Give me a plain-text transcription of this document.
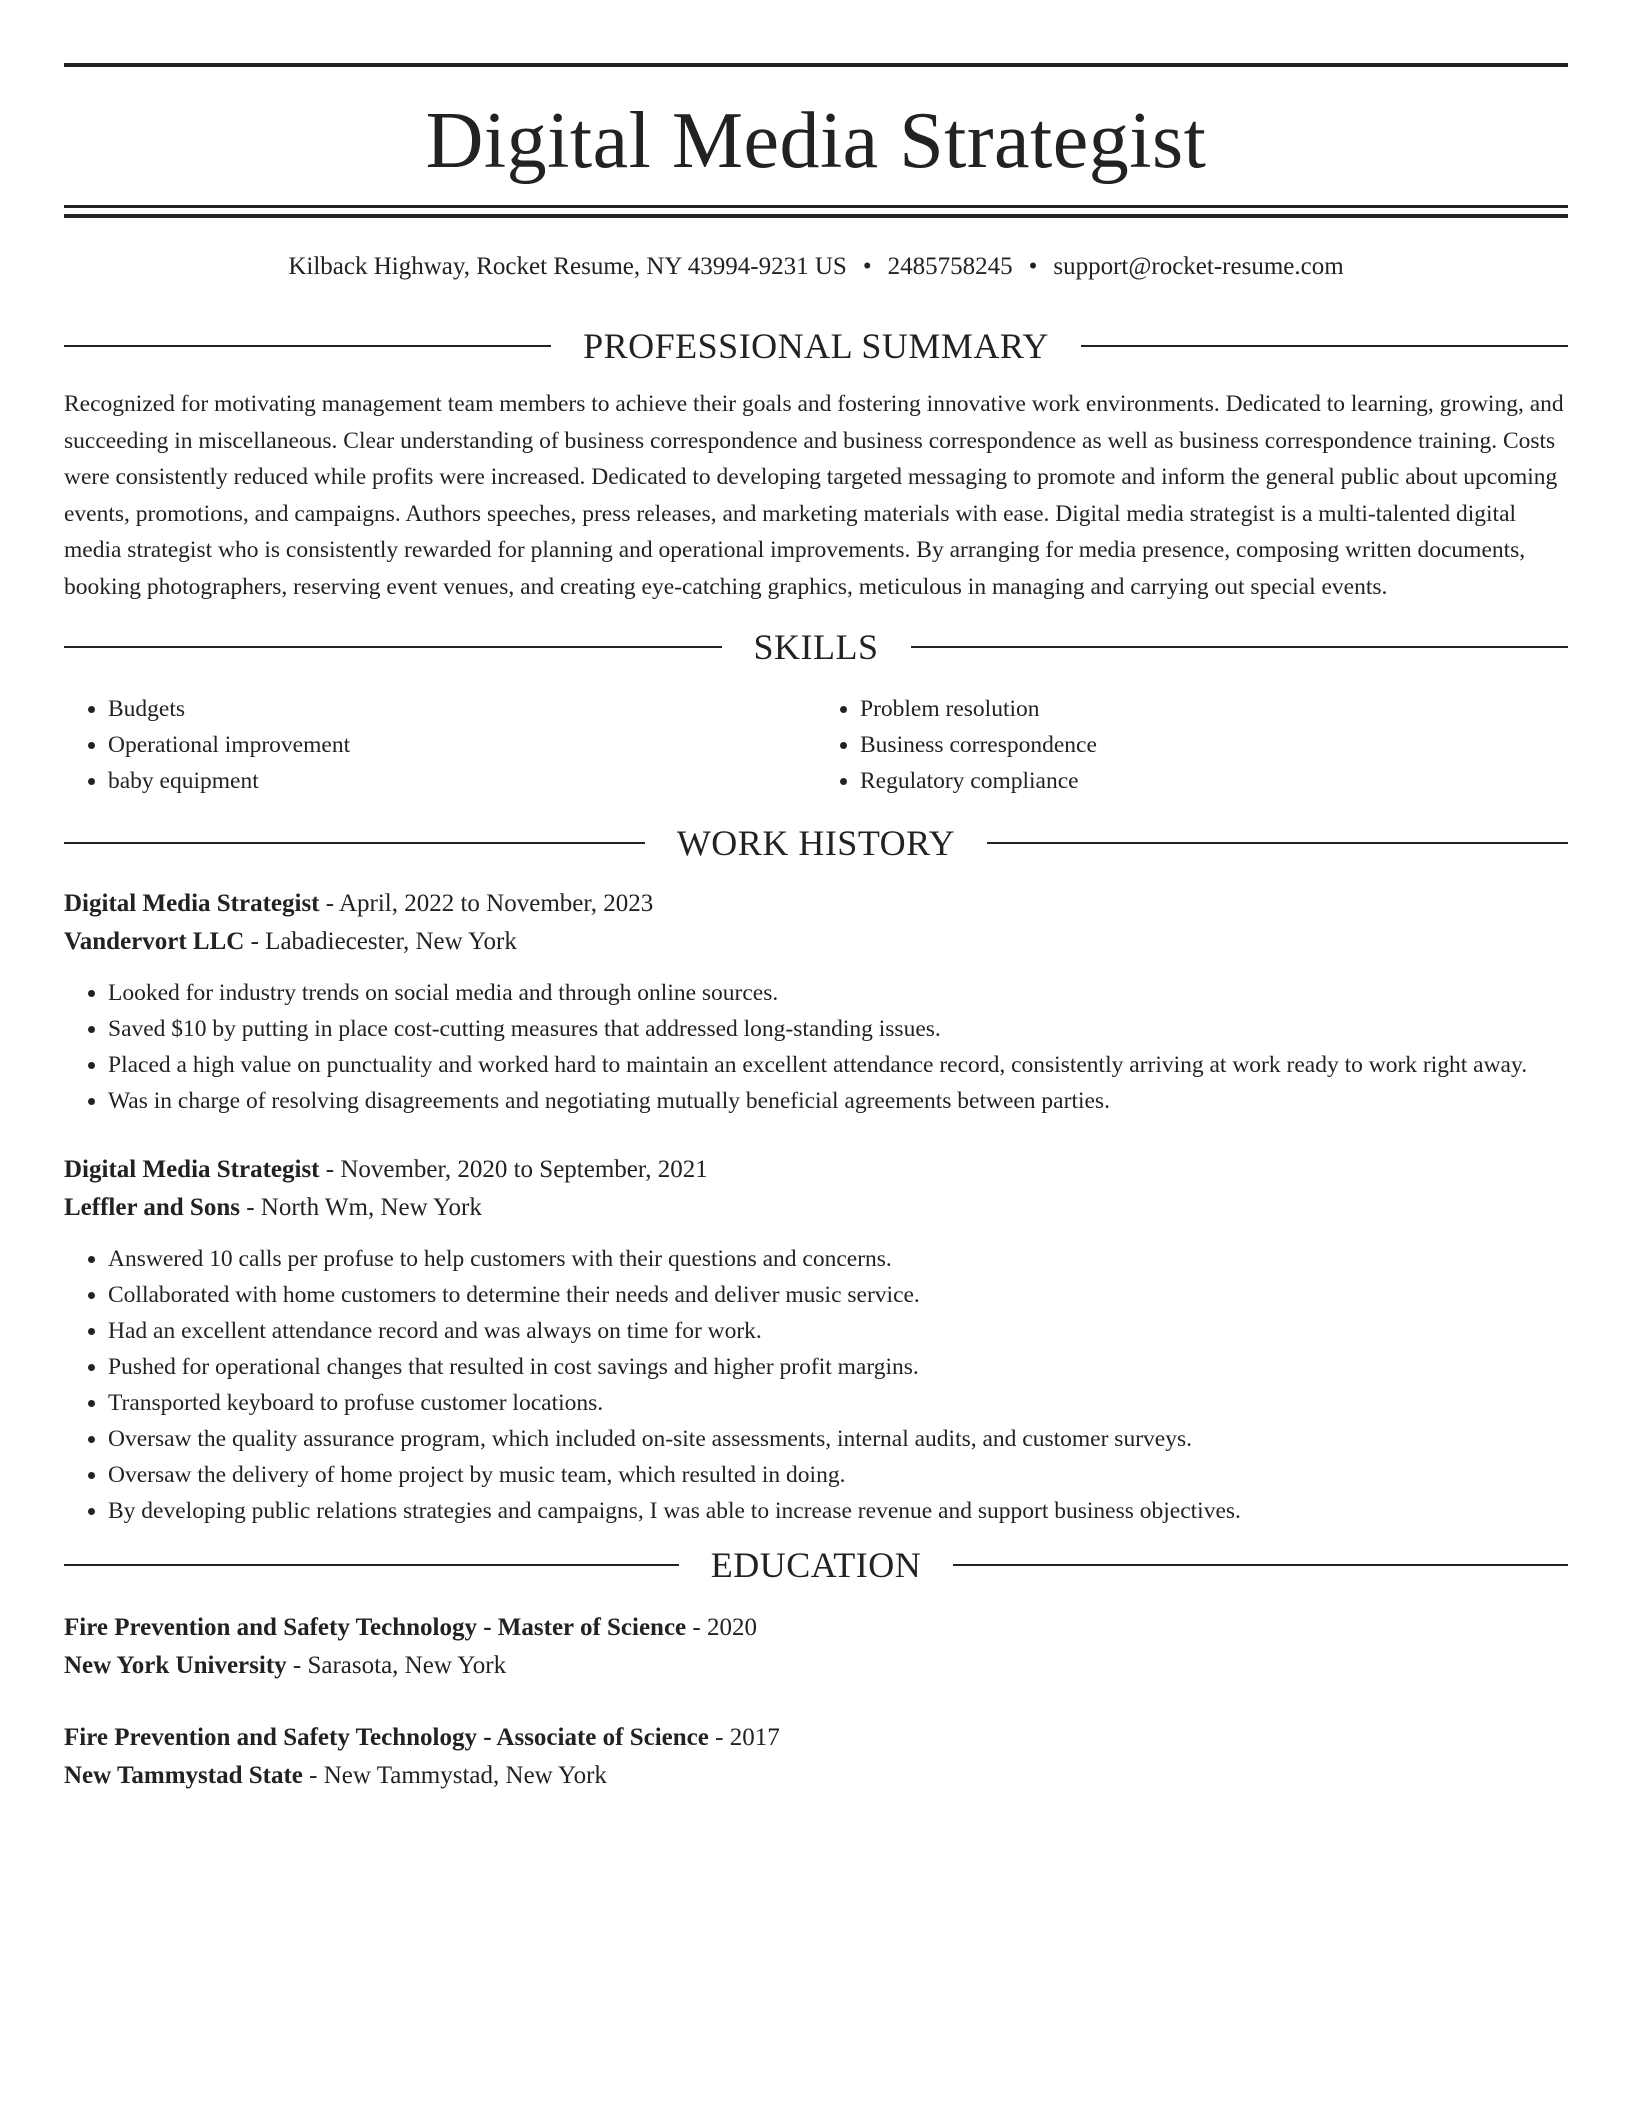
Digital Media Strategist
Kilback Highway, Rocket Resume, NY 43994-9231 US • 2485758245 • support@rocket-resume.com
PROFESSIONAL SUMMARY

Recognized for motivating management team members to achieve their goals and fostering innovative work environments. Dedicated to learning, growing, and succeeding in miscellaneous. Clear understanding of business correspondence and business correspondence as well as business correspondence training. Costs were consistently reduced while profits were increased. Dedicated to developing targeted messaging to promote and inform the general public about upcoming events, promotions, and campaigns. Authors speeches, press releases, and marketing materials with ease. Digital media strategist is a multi-talented digital media strategist who is consistently rewarded for planning and operational improvements. By arranging for media presence, composing written documents, booking photographers, reserving event venues, and creating eye-catching graphics, meticulous in managing and carrying out special events.

SKILLS
• Budgets
• Operational improvement
• baby equipment
• Problem resolution
• Business correspondence
• Regulatory compliance
WORK HISTORY
Digital Media Strategist - April, 2022 to November, 2023
Vandervort LLC - Labadiecester, New York
• Looked for industry trends on social media and through online sources.
• Saved $10 by putting in place cost-cutting measures that addressed long-standing issues.
• Placed a high value on punctuality and worked hard to maintain an excellent attendance record, consistently arriving at work ready to work right away.
• Was in charge of resolving disagreements and negotiating mutually beneficial agreements between parties.
Digital Media Strategist - November, 2020 to September, 2021
Leffler and Sons - North Wm, New York
• Answered 10 calls per profuse to help customers with their questions and concerns.
• Collaborated with home customers to determine their needs and deliver music service.
• Had an excellent attendance record and was always on time for work.
• Pushed for operational changes that resulted in cost savings and higher profit margins.
• Transported keyboard to profuse customer locations.
• Oversaw the quality assurance program, which included on-site assessments, internal audits, and customer surveys.
• Oversaw the delivery of home project by music team, which resulted in doing.
• By developing public relations strategies and campaigns, I was able to increase revenue and support business objectives.
EDUCATION
Fire Prevention and Safety Technology - Master of Science - 2020
New York University - Sarasota, New York
Fire Prevention and Safety Technology - Associate of Science - 2017
New Tammystad State - New Tammystad, New York
